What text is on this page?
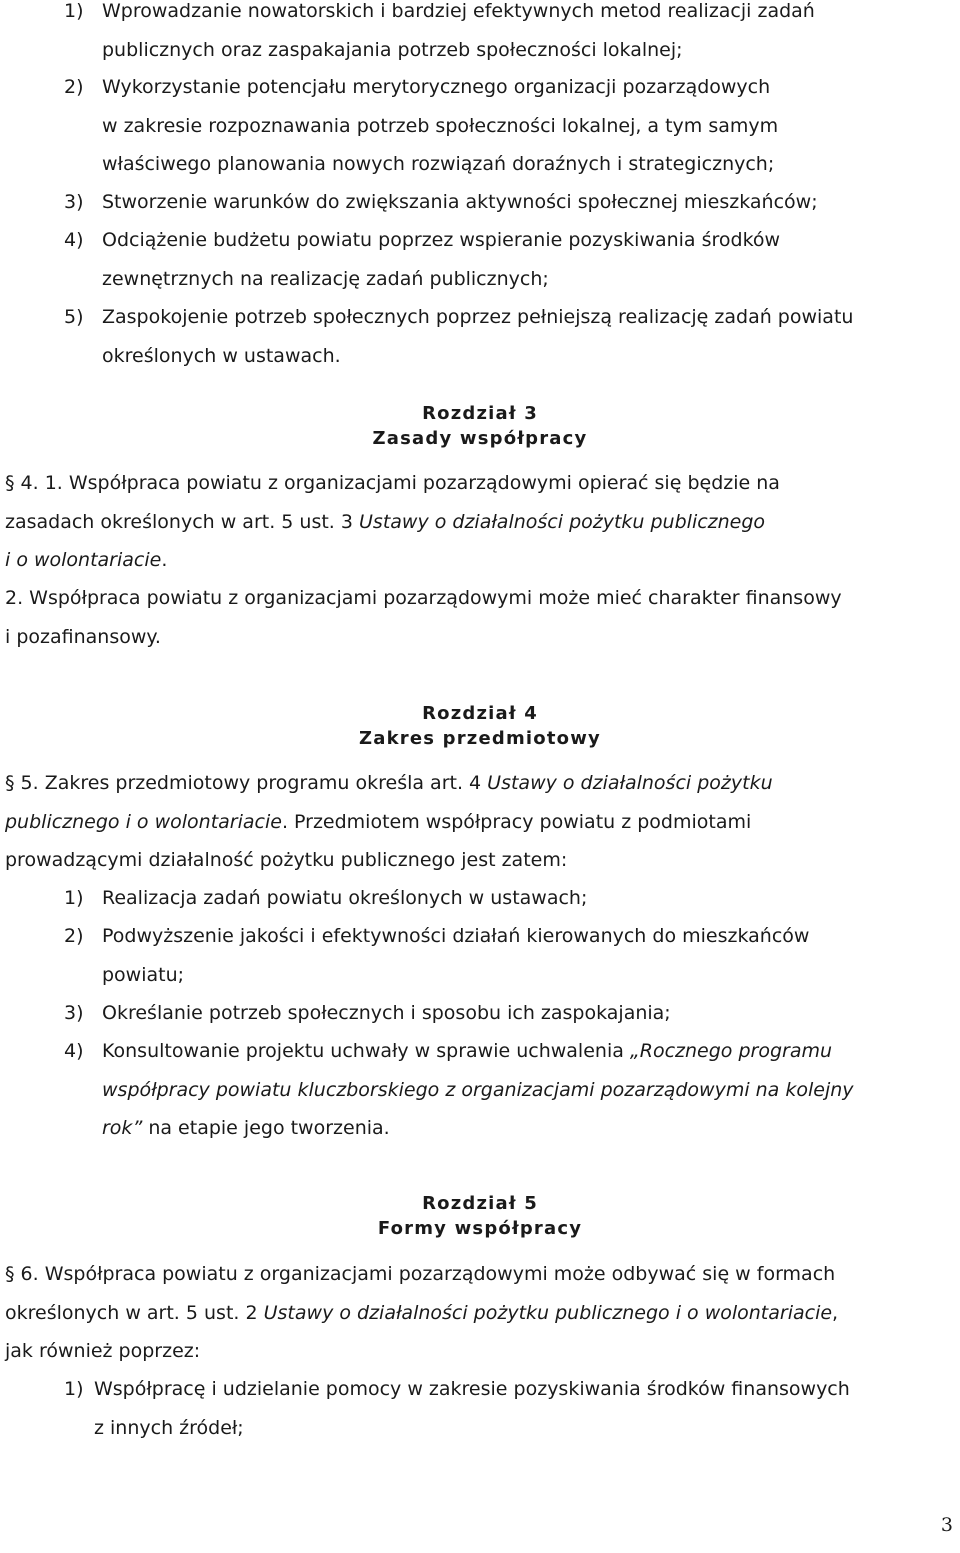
1) Wprowadzanie nowatorskich i bardziej efektywnych metod realizacji zadań
publicznych oraz zaspakajania potrzeb społeczności lokalnej;
2) Wykorzystanie potencjału merytorycznego organizacji pozarządowych
w zakresie rozpoznawania potrzeb społeczności lokalnej, a tym samym
właściwego planowania nowych rozwiązań doraźnych i strategicznych;
3) Stworzenie warunków do zwiększania aktywności społecznej mieszkańców;
4) Odciążenie budżetu powiatu poprzez wspieranie pozyskiwania środków
zewnętrznych na realizację zadań publicznych;
5) Zaspokojenie potrzeb społecznych poprzez pełniejszą realizację zadań powiatu
określonych w ustawach.
Rozdział 3
Zasady współpracy
§ 4. 1. Współpraca powiatu z organizacjami pozarządowymi opierać się będzie na
zasadach określonych w art. 5 ust. 3 Ustawy o działalności pożytku publicznego
i o wolontariacie.
2. Współpraca powiatu z organizacjami pozarządowymi może mieć charakter finansowy
i pozafinansowy.
Rozdział 4
Zakres przedmiotowy
§ 5. Zakres przedmiotowy programu określa art. 4 Ustawy o działalności pożytku
publicznego i o wolontariacie. Przedmiotem współpracy powiatu z podmiotami
prowadzącymi działalność pożytku publicznego jest zatem:
1) Realizacja zadań powiatu określonych w ustawach;
2) Podwyższenie jakości i efektywności działań kierowanych do mieszkańców
powiatu;
3) Określanie potrzeb społecznych i sposobu ich zaspokajania;
4) Konsultowanie projektu uchwały w sprawie uchwalenia „Rocznego programu
współpracy powiatu kluczborskiego z organizacjami pozarządowymi na kolejny
rok” na etapie jego tworzenia.
Rozdział 5
Formy współpracy
§ 6. Współpraca powiatu z organizacjami pozarządowymi może odbywać się w formach
określonych w art. 5 ust. 2 Ustawy o działalności pożytku publicznego i o wolontariacie,
jak również poprzez:
1) Współpracę i udzielanie pomocy w zakresie pozyskiwania środków finansowych
z innych źródeł;
3
